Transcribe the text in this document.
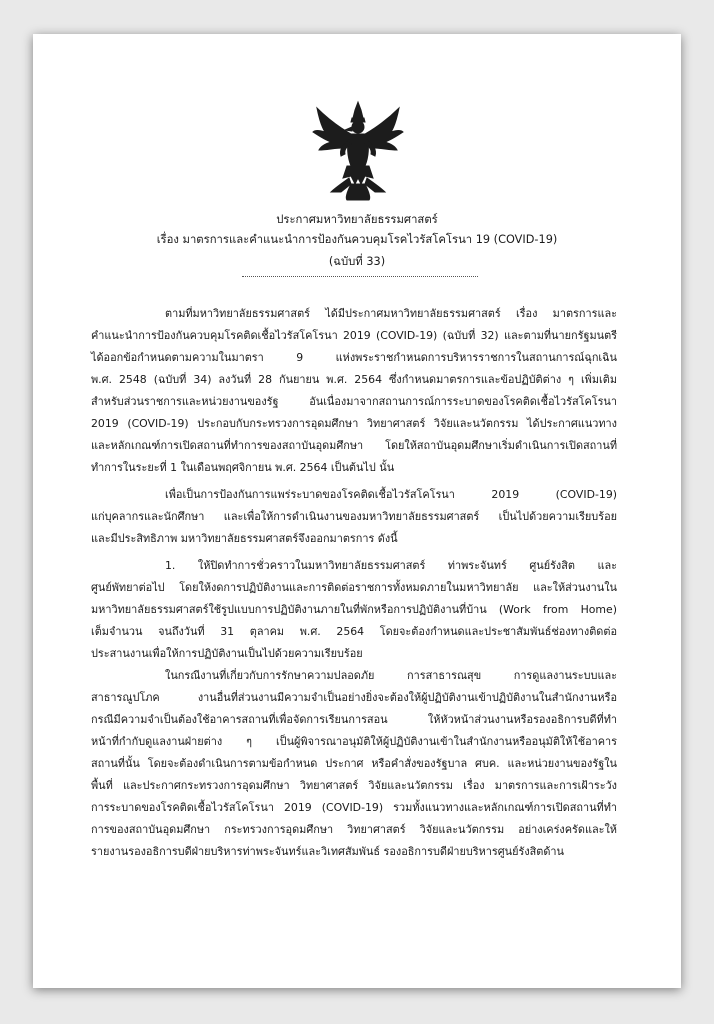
ประกาศมหาวิทยาลัยธรรมศาสตร์
เรื่อง มาตรการและคำแนะนำการป้องกันควบคุมโรคไวรัสโคโรนา 19 (COVID-19)
(ฉบับที่ 33)
ตามที่มหาวิทยาลัยธรรมศาสตร์ ได้มีประกาศมหาวิทยาลัยธรรมศาสตร์ เรื่อง มาตรการและ
คำแนะนำการป้องกันควบคุมโรคติดเชื้อไวรัสโคโรนา 2019 (COVID-19) (ฉบับที่ 32) และตามที่นายกรัฐมนตรี
ได้ออกข้อกำหนดตามความในมาตรา 9 แห่งพระราชกำหนดการบริหารราชการในสถานการณ์ฉุกเฉิน
พ.ศ. 2548 (ฉบับที่ 34) ลงวันที่ 28 กันยายน พ.ศ. 2564 ซึ่งกำหนดมาตรการและข้อปฏิบัติต่าง ๆ เพิ่มเติม
สำหรับส่วนราชการและหน่วยงานของรัฐ อันเนื่องมาจากสถานการณ์การระบาดของโรคติดเชื้อไวรัสโคโรนา
2019 (COVID-19) ประกอบกับกระทรวงการอุดมศึกษา วิทยาศาสตร์ วิจัยและนวัตกรรม ได้ประกาศแนวทาง
และหลักเกณฑ์การเปิดสถานที่ทำการของสถาบันอุดมศึกษา โดยให้สถาบันอุดมศึกษาเริ่มดำเนินการเปิดสถานที่
ทำการในระยะที่ 1 ในเดือนพฤศจิกายน พ.ศ. 2564 เป็นต้นไป นั้น
เพื่อเป็นการป้องกันการแพร่ระบาดของโรคติดเชื้อไวรัสโคโรนา 2019 (COVID-19)
แก่บุคลากรและนักศึกษา และเพื่อให้การดำเนินงานของมหาวิทยาลัยธรรมศาสตร์ เป็นไปด้วยความเรียบร้อย
และมีประสิทธิภาพ มหาวิทยาลัยธรรมศาสตร์จึงออกมาตรการ ดังนี้
1. ให้ปิดทำการชั่วคราวในมหาวิทยาลัยธรรมศาสตร์ ท่าพระจันทร์ ศูนย์รังสิต และ
ศูนย์พัทยาต่อไป โดยให้งดการปฏิบัติงานและการติดต่อราชการทั้งหมดภายในมหาวิทยาลัย และให้ส่วนงานใน
มหาวิทยาลัยธรรมศาสตร์ใช้รูปแบบการปฏิบัติงานภายในที่พักหรือการปฏิบัติงานที่บ้าน (Work from Home)
เต็มจำนวน จนถึงวันที่ 31 ตุลาคม พ.ศ. 2564 โดยจะต้องกำหนดและประชาสัมพันธ์ช่องทางติดต่อ
ประสานงานเพื่อให้การปฏิบัติงานเป็นไปด้วยความเรียบร้อย
ในกรณีงานที่เกี่ยวกับการรักษาความปลอดภัย การสาธารณสุข การดูแลงานระบบและ
สาธารณูปโภค งานอื่นที่ส่วนงานมีความจำเป็นอย่างยิ่งจะต้องให้ผู้ปฏิบัติงานเข้าปฏิบัติงานในสำนักงานหรือ
กรณีมีความจำเป็นต้องใช้อาคารสถานที่เพื่อจัดการเรียนการสอน ให้หัวหน้าส่วนงานหรือรองอธิการบดีที่ทำ
หน้าที่กำกับดูแลงานฝ่ายต่าง ๆ เป็นผู้พิจารณาอนุมัติให้ผู้ปฏิบัติงานเข้าในสำนักงานหรืออนุมัติให้ใช้อาคาร
สถานที่นั้น โดยจะต้องดำเนินการตามข้อกำหนด ประกาศ หรือคำสั่งของรัฐบาล ศบค. และหน่วยงานของรัฐใน
พื้นที่ และประกาศกระทรวงการอุดมศึกษา วิทยาศาสตร์ วิจัยและนวัตกรรม เรื่อง มาตรการและการเฝ้าระวัง
การระบาดของโรคติดเชื้อไวรัสโคโรนา 2019 (COVID-19) รวมทั้งแนวทางและหลักเกณฑ์การเปิดสถานที่ทำ
การของสถาบันอุดมศึกษา กระทรวงการอุดมศึกษา วิทยาศาสตร์ วิจัยและนวัตกรรม อย่างเคร่งครัดและให้
รายงานรองอธิการบดีฝ่ายบริหารท่าพระจันทร์และวิเทศสัมพันธ์ รองอธิการบดีฝ่ายบริหารศูนย์รังสิตด้าน
